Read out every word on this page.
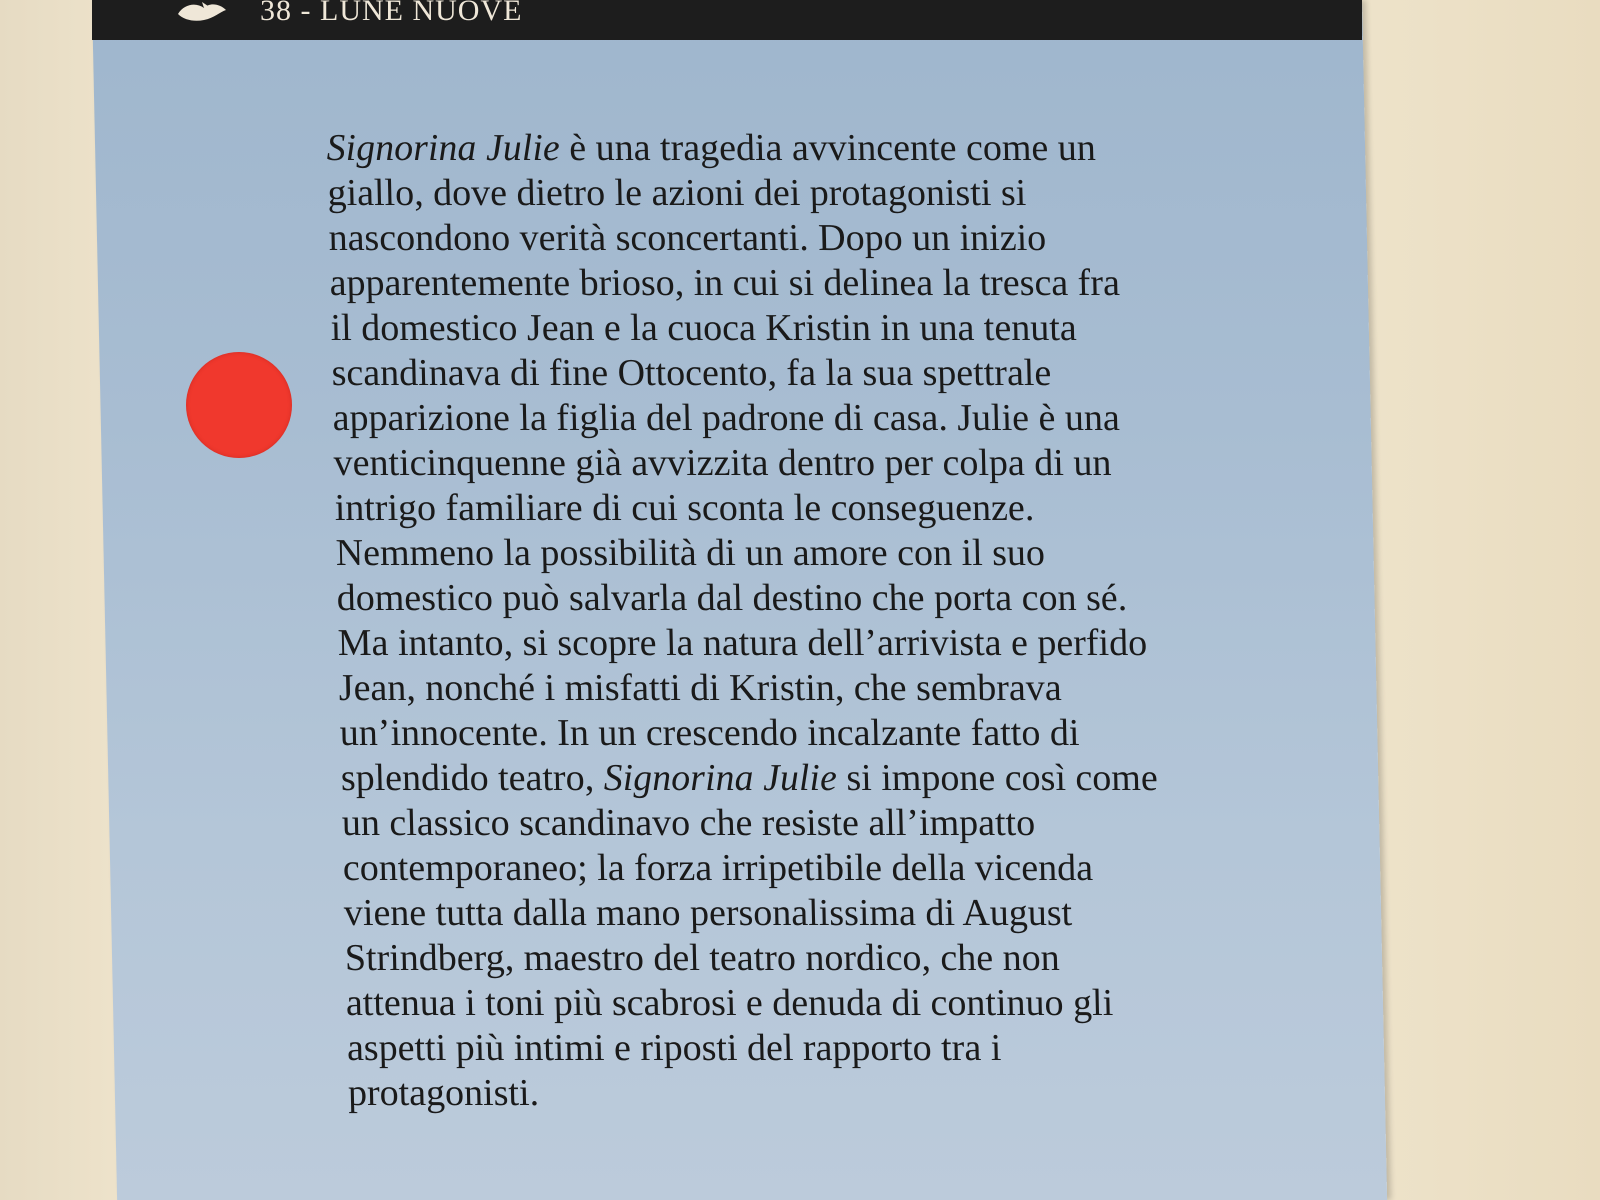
38 - LUNE NUOVE

Signorina Julie è una tragedia avvincente come un
giallo, dove dietro le azioni dei protagonisti si
nascondono verità sconcertanti. Dopo un inizio
apparentemente brioso, in cui si delinea la tresca fra
il domestico Jean e la cuoca Kristin in una tenuta
scandinava di fine Ottocento, fa la sua spettrale
apparizione la figlia del padrone di casa. Julie è una
venticinquenne già avvizzita dentro per colpa di un
intrigo familiare di cui sconta le conseguenze.
Nemmeno la possibilità di un amore con il suo
domestico può salvarla dal destino che porta con sé.
Ma intanto, si scopre la natura dell’arrivista e perfido
Jean, nonché i misfatti di Kristin, che sembrava
un’innocente. In un crescendo incalzante fatto di
splendido teatro, Signorina Julie si impone così come
un classico scandinavo che resiste all’impatto
contemporaneo; la forza irripetibile della vicenda
viene tutta dalla mano personalissima di August
Strindberg, maestro del teatro nordico, che non
attenua i toni più scabrosi e denuda di continuo gli
aspetti più intimi e riposti del rapporto tra i
protagonisti.
